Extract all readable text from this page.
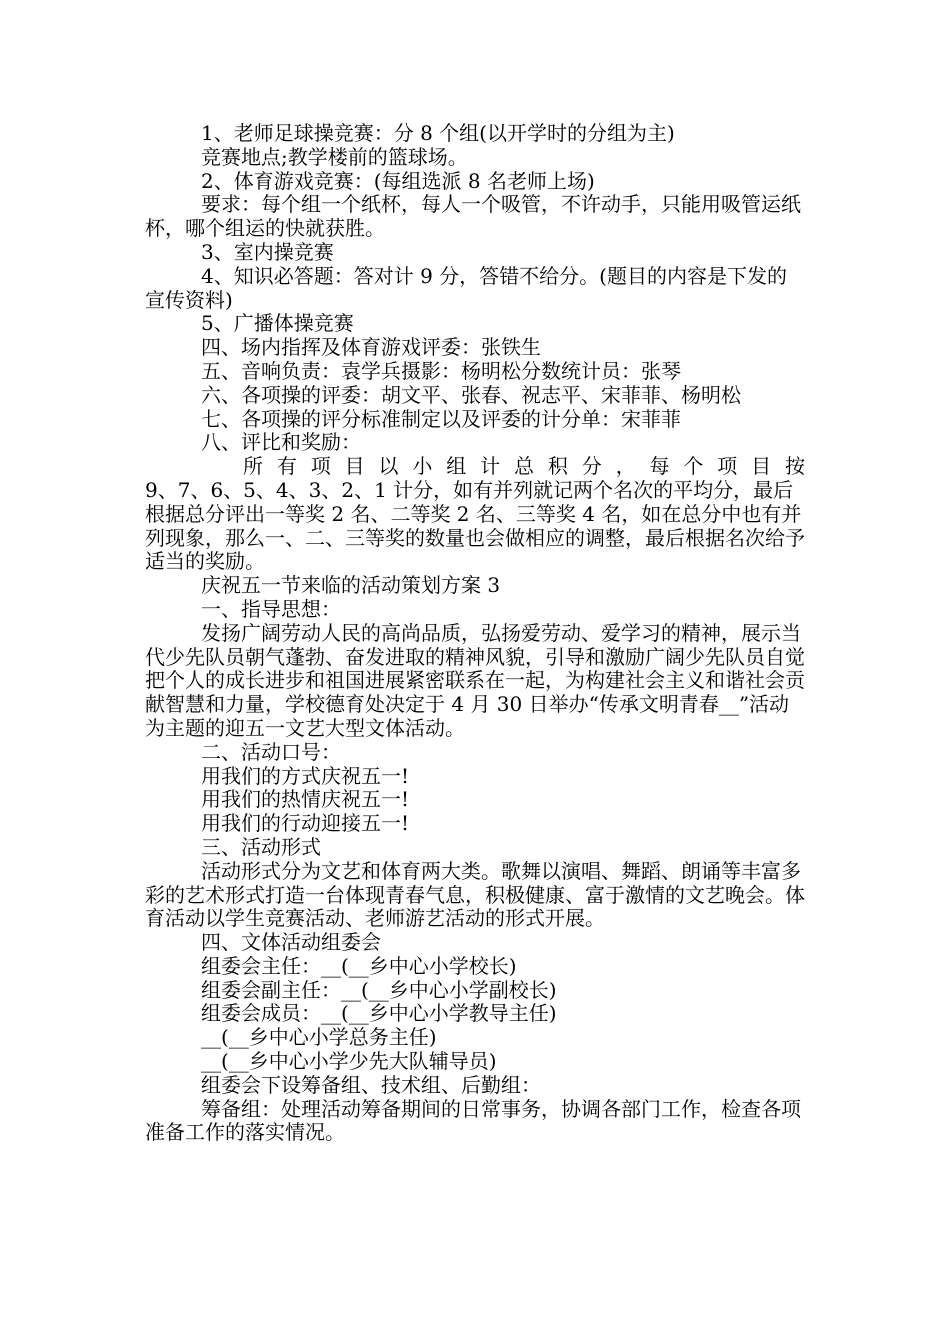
1、老师足球操竞赛：分 8 个组(以开学时的分组为主)

竞赛地点;教学楼前的篮球场。

2、体育游戏竞赛：(每组选派 8 名老师上场)

要求：每个组一个纸杯，每人一个吸管，不许动手，只能用吸管运纸杯，哪个组运的快就获胜。

3、室内操竞赛

4、知识必答题：答对计 9 分，答错不给分。(题目的内容是下发的宣传资料)

5、广播体操竞赛

四、场内指挥及体育游戏评委：张铁生

五、音响负责：袁学兵摄影：杨明松分数统计员：张琴

六、各项操的评委：胡文平、张春、祝志平、宋菲菲、杨明松

七、各项操的评分标准制定以及评委的计分单：宋菲菲

八、评比和奖励：

所 有 项 目 以 小 组 计 总 积 分 ， 每 个 项 目 按

9、7、6、5、4、3、2、1 计分，如有并列就记两个名次的平均分，最后根据总分评出一等奖 2 名、二等奖 2 名、三等奖 4 名，如在总分中也有并列现象，那么一、二、三等奖的数量也会做相应的调整，最后根据名次给予适当的奖励。

庆祝五一节来临的活动策划方案 3

一、指导思想：

发扬广阔劳动人民的高尚品质，弘扬爱劳动、爱学习的精神，展示当代少先队员朝气蓬勃、奋发进取的精神风貌，引导和激励广阔少先队员自觉把个人的成长进步和祖国进展紧密联系在一起，为构建社会主义和谐社会贡献智慧和力量，学校德育处决定于 4 月 30 日举办“传承文明青春__”活动为主题的迎五一文艺大型文体活动。

二、活动口号：

用我们的方式庆祝五一!

用我们的热情庆祝五一!

用我们的行动迎接五一!

三、活动形式

活动形式分为文艺和体育两大类。歌舞以演唱、舞蹈、朗诵等丰富多彩的艺术形式打造一台体现青春气息，积极健康、富于激情的文艺晚会。体育活动以学生竞赛活动、老师游艺活动的形式开展。

四、文体活动组委会

组委会主任：__(__乡中心小学校长)

组委会副主任：__(__乡中心小学副校长)

组委会成员：__(__乡中心小学教导主任)

__(__乡中心小学总务主任)

__(__乡中心小学少先大队辅导员)

组委会下设筹备组、技术组、后勤组：

筹备组：处理活动筹备期间的日常事务，协调各部门工作，检查各项准备工作的落实情况。
